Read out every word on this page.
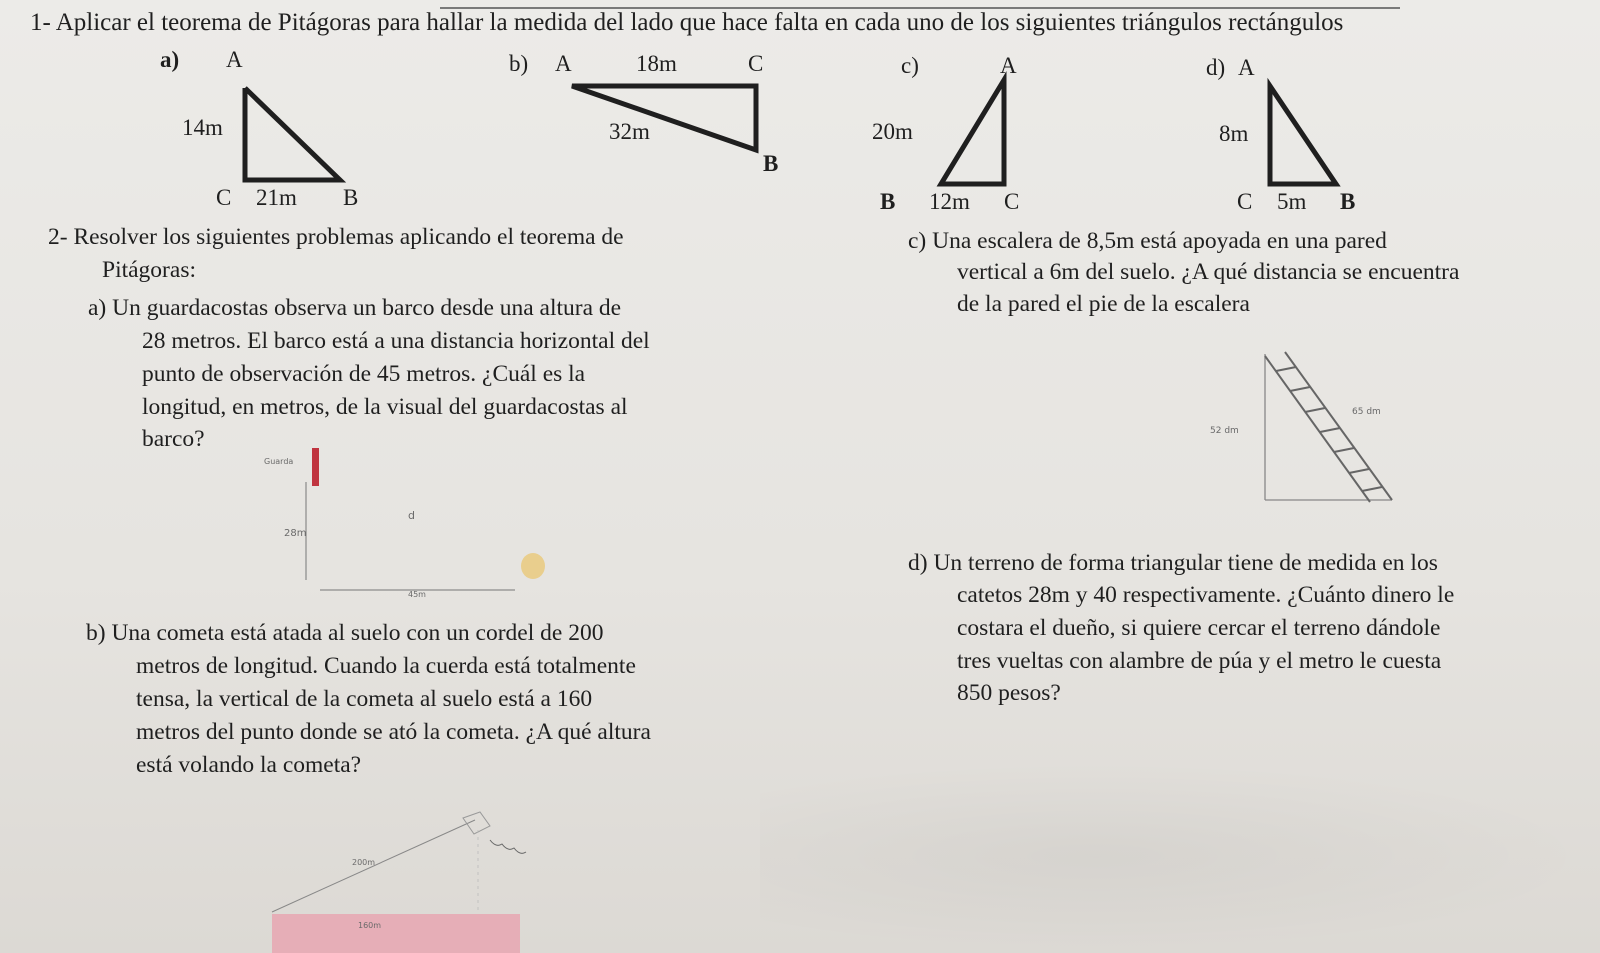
1- Aplicar el teorema de Pitágoras para hallar la medida del lado que hace falta en cada uno de los siguientes triángulos rectángulos
a) A
14m
C 21m B
b) A	18m	C
32m
B
c)	A
20m
B 12m C
d) A
8m
C 5m B
2- Resolver los siguientes problemas aplicando el teorema de
Pitágoras:
a) Un guardacostas observa un barco desde una altura de
28 metros. El barco está a una distancia horizontal del
punto de observación de 45 metros. ¿Cuál es la
longitud, en metros, de la visual del guardacostas al
barco?
Guarda
28m
d
45m
b) Una cometa está atada al suelo con un cordel de 200
metros de longitud. Cuando la cuerda está totalmente
tensa, la vertical de la cometa al suelo está a 160
metros del punto donde se ató la cometa. ¿A qué altura
está volando la cometa?
200m
160m
c) Una escalera de 8,5m está apoyada en una pared
vertical a 6m del suelo. ¿A qué distancia se encuentra
de la pared el pie de la escalera
52 dm
65 dm
d) Un terreno de forma triangular tiene de medida en los
catetos 28m y 40 respectivamente. ¿Cuánto dinero le
costara el dueño, si quiere cercar el terreno dándole
tres vueltas con alambre de púa y el metro le cuesta
850 pesos?
